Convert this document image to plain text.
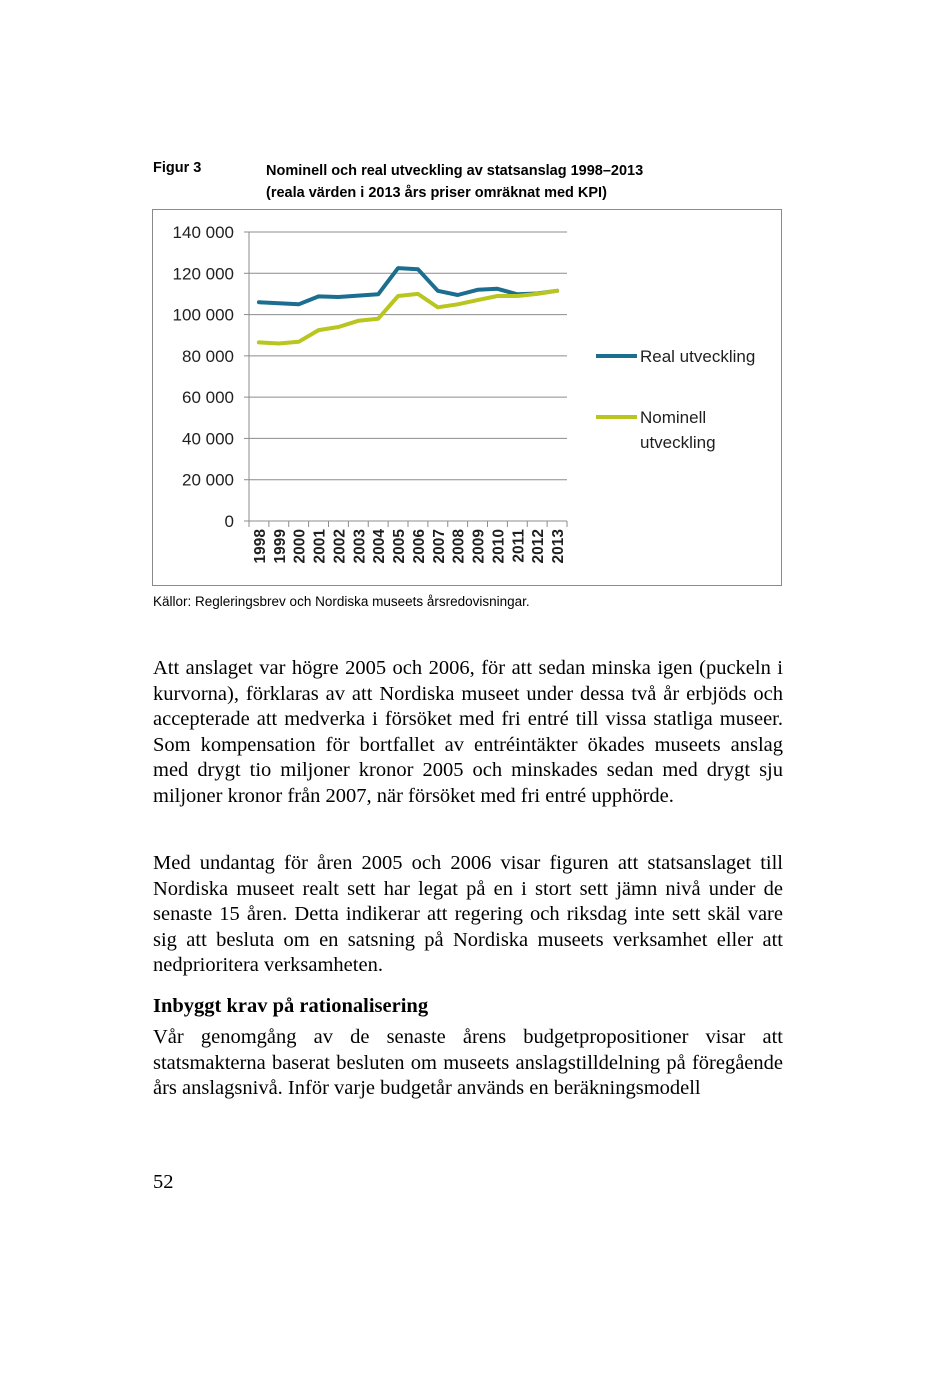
Figur 3	Nominell och real utveckling av statsanslag 1998–2013
(reala värden i 2013 års priser omräknat med KPI)
140 000
120 000
100 000
80 000
60 000
40 000
20 000
0
1998 1999 2000 2001 2002 2003 2004 2005 2006 2007 2008 2009 2010 2011 2012 2013
Real utveckling
Nominell
utveckling
Källor: Regleringsbrev och Nordiska museets årsredovisningar.

Att anslaget var högre 2005 och 2006, för att sedan minska igen (puckeln i kurvorna), förklaras av att Nordiska museet under dessa två år erbjöds och accepterade att medverka i försöket med fri entré till vissa statliga museer. Som kompensation för bortfallet av entréintäkter ökades museets anslag med drygt tio miljoner kronor 2005 och minskades sedan med drygt sju miljoner kronor från 2007, när försöket med fri entré upphörde.

Med undantag för åren 2005 och 2006 visar figuren att statsanslaget till Nordiska museet realt sett har legat på en i stort sett jämn nivå under de senaste 15 åren. Detta indikerar att regering och riksdag inte sett skäl vare sig att besluta om en satsning på Nordiska museets verksamhet eller att nedprioritera verksamheten.

Inbyggt krav på rationalisering

Vår genomgång av de senaste årens budgetpropositioner visar att statsmakterna baserat besluten om museets anslagstilldelning på föregående års anslagsnivå. Inför varje budgetår används en beräkningsmodell

52
